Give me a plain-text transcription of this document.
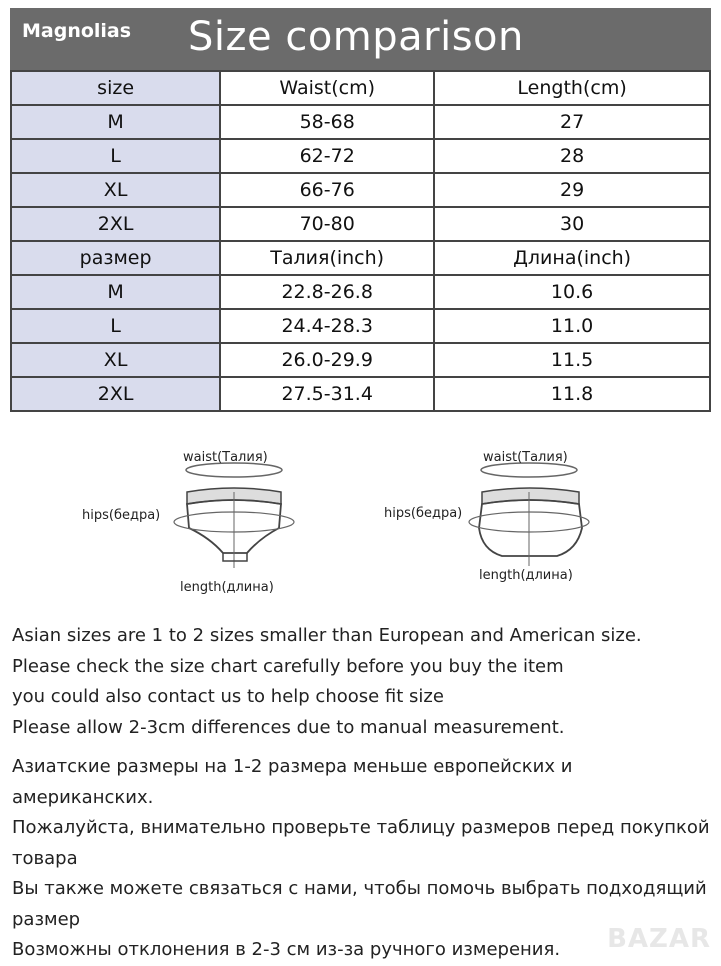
Magnolias Size comparison
size	Waist(cm)	Length(cm)
M	58-68	27
L	62-72	28
XL	66-76	29
2XL	70-80	30
размер	Талия(inch)	Длина(inch)
M	22.8-26.8	10.6
L	24.4-28.3	11.0
XL	26.0-29.9	11.5
2XL	27.5-31.4	11.8
waist(Талия)
hips(бедра)
length(длина)
waist(Талия)
hips(бедра)
length(длина)
Asian sizes are 1 to 2 sizes smaller than European and American size.
Please check the size chart carefully before you buy the item
you could also contact us to help choose fit size
Please allow 2-3cm differences due to manual measurement.
Азиатские размеры на 1-2 размера меньше европейских и американских.
Пожалуйста, внимательно проверьте таблицу размеров перед покупкой товара
Вы также можете связаться с нами, чтобы помочь выбрать подходящий размер
Возможны отклонения в 2-3 см из-за ручного измерения.	BAZAR
